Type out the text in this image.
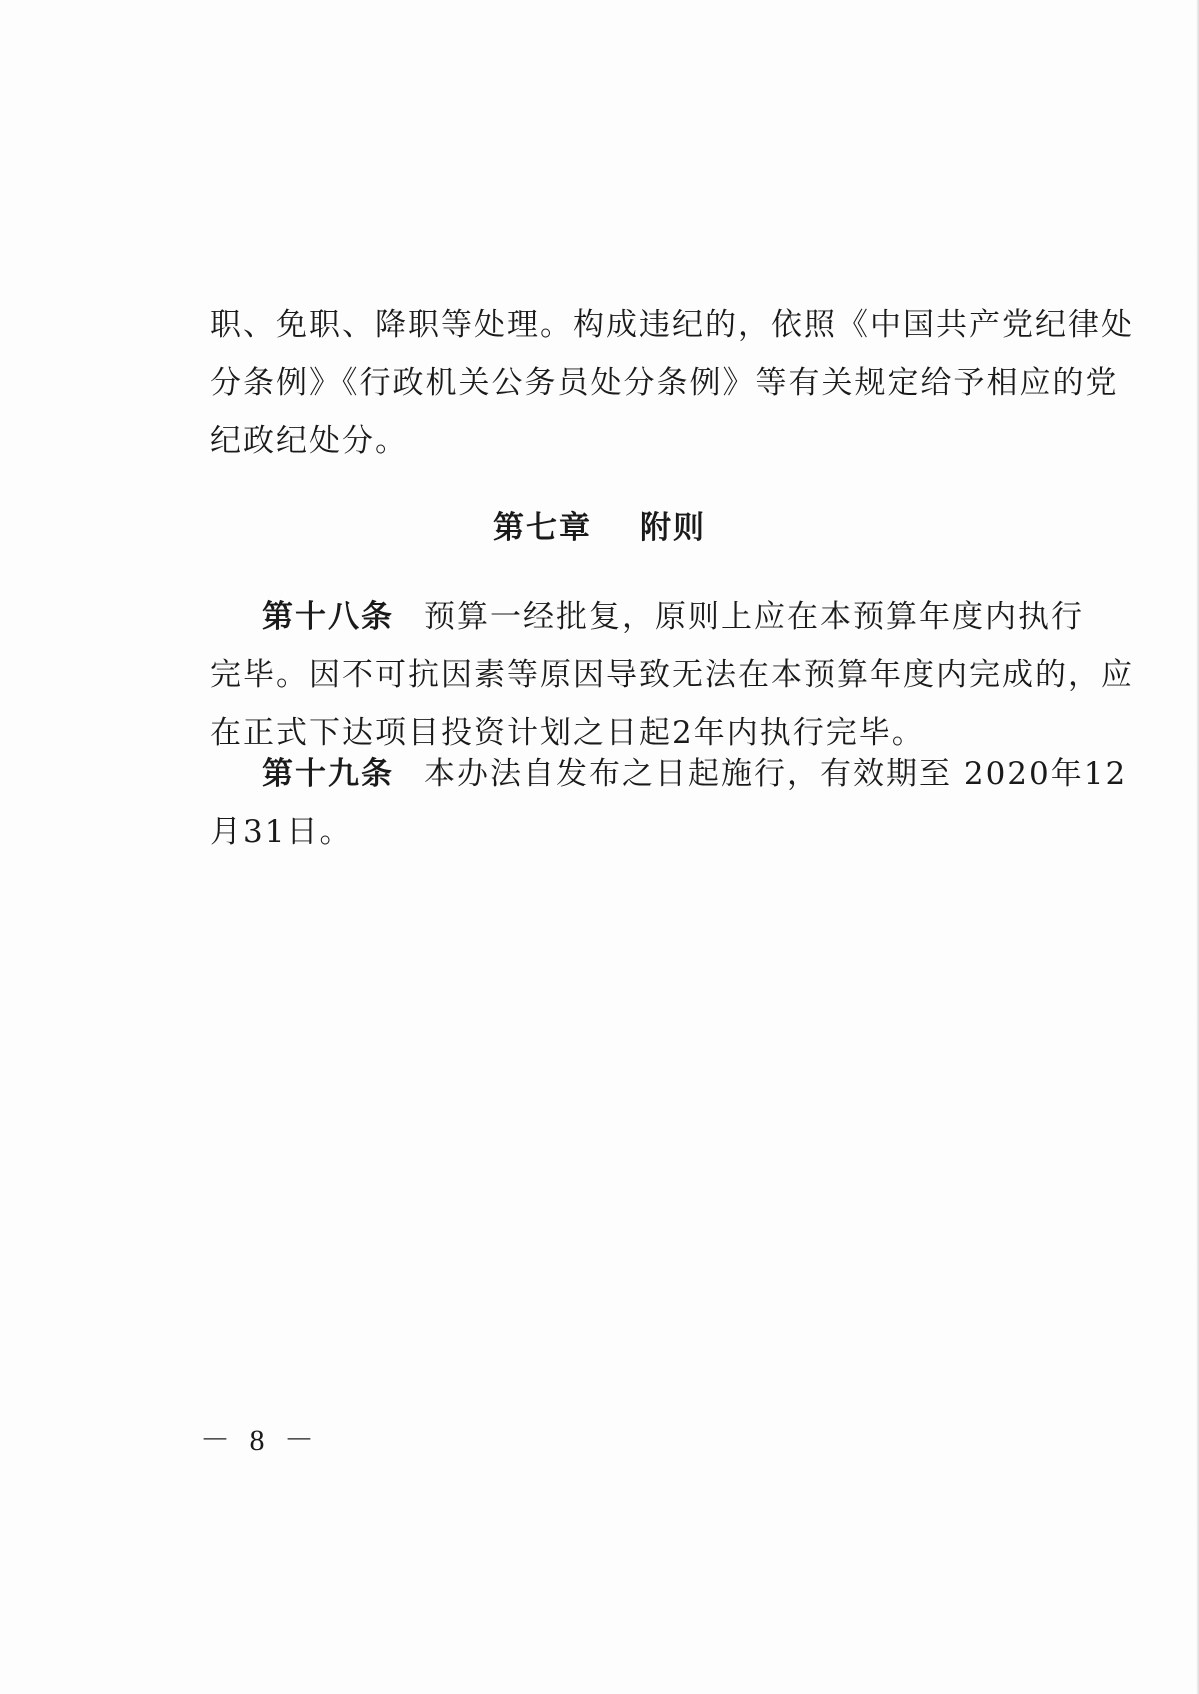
职、免职、降职等处理。构成违纪的，依照《中国共产党纪律处
分条例》《行政机关公务员处分条例》等有关规定给予相应的党
纪政纪处分。
第七章 附则
第十八条 预算一经批复，原则上应在本预算年度内执行
完毕。因不可抗因素等原因导致无法在本预算年度内完成的，应
在正式下达项目投资计划之日起2年内执行完毕。
第十九条 本办法自发布之日起施行，有效期至 2020年12
月31日。
－ 8 －
